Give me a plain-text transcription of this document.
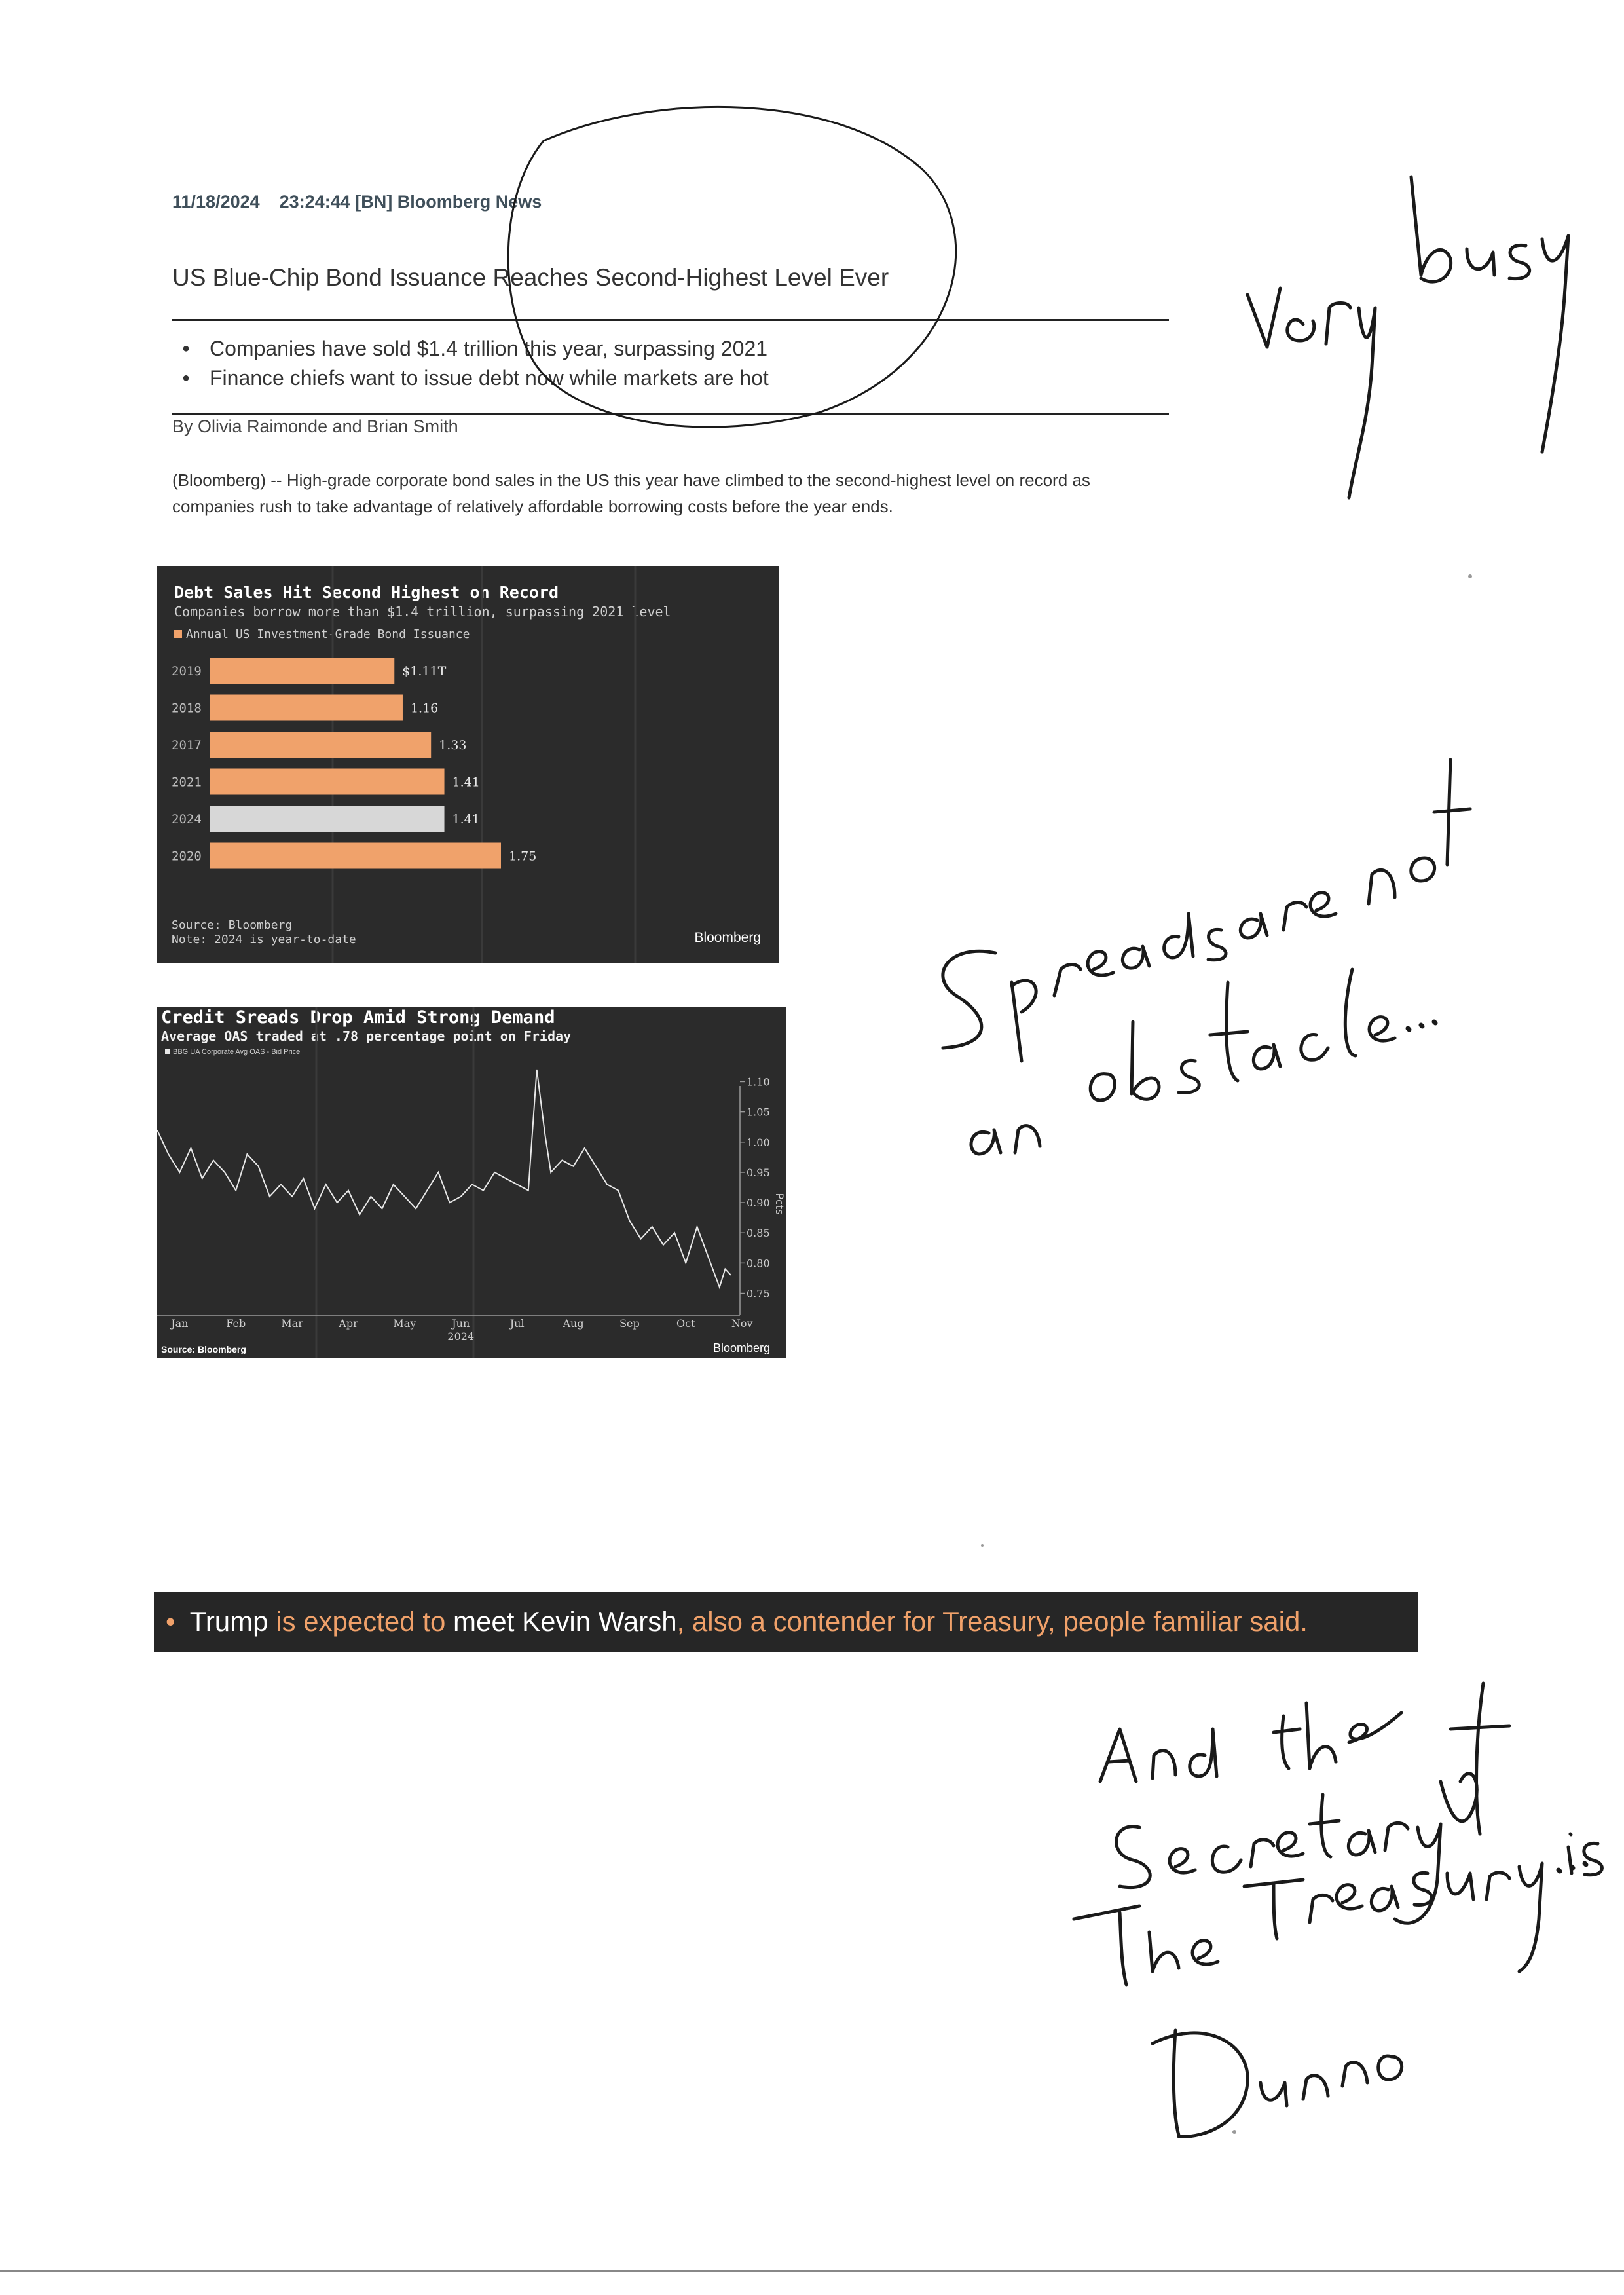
11/18/2024 23:24:44 [BN] Bloomberg News
US Blue-Chip Bond Issuance Reaches Second-Highest Level Ever
● Companies have sold $1.4 trillion this year, surpassing 2021
● Finance chiefs want to issue debt now while markets are hot
By Olivia Raimonde and Brian Smith
(Bloomberg) -- High-grade corporate bond sales in the US this year have climbed to the second-highest level on record as companies rush to take advantage of relatively affordable borrowing costs before the year ends.
Debt Sales Hit Second Highest on Record
Companies borrow more than $1.4 trillion, surpassing 2021 level
Annual US Investment-Grade Bond Issuance
2019	$1.11T
2018	1.16
2017	1.33
2021	1.41
2024	1.41
2020	1.75
Source: Bloomberg
Note: 2024 is year-to-date	Bloomberg
Credit Sreads Drop Amid Strong Demand
Average OAS traded at .78 percentage point on Friday
BBG UA Corporate Avg OAS - Bid Price
1.10
1.05
1.00
0.95
0.90
0.85
0.80
0.75
Pcts
Jan	Feb	Mar	Apr	May	Jun	Jul	Aug	Sep	Oct	Nov
2024
Source: Bloomberg	Bloomberg
• Trump is expected to meet Kevin Warsh, also a contender for Treasury, people familiar said.
